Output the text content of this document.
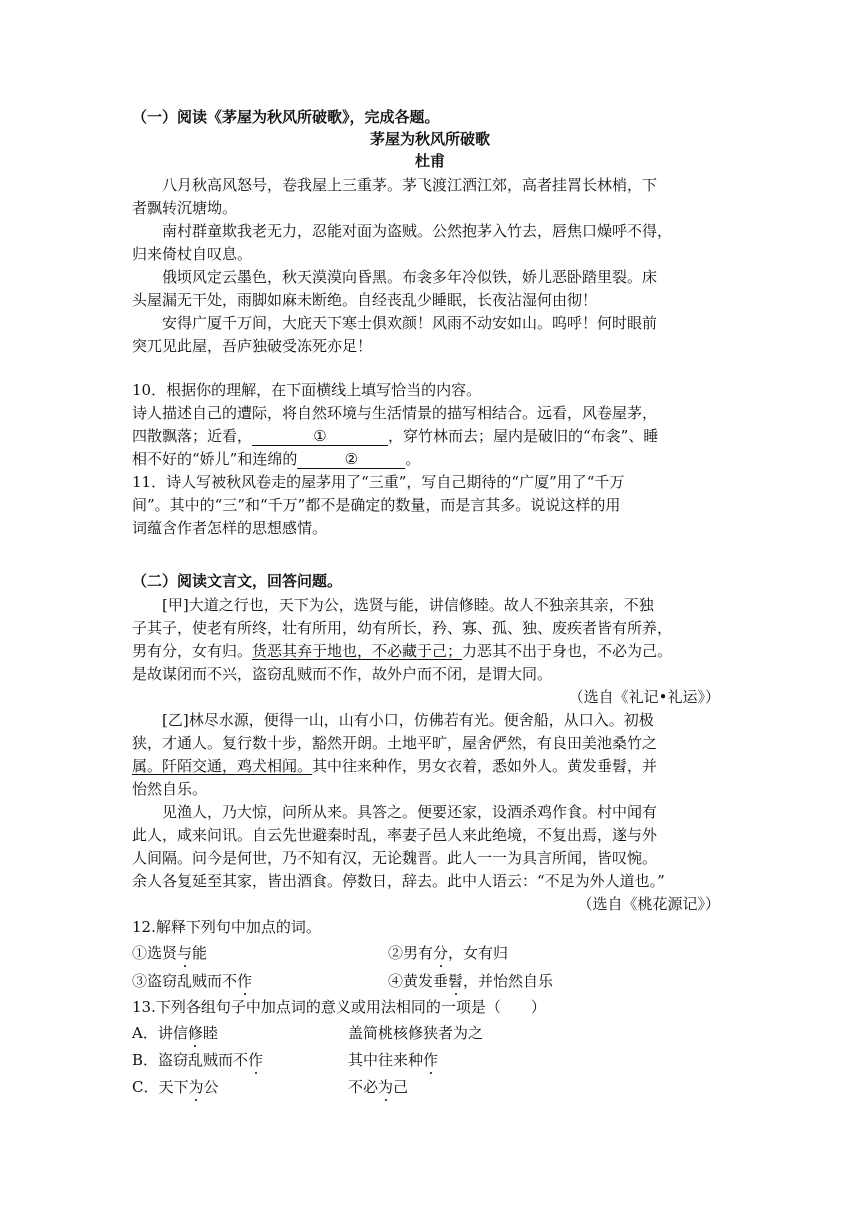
（一）阅读《茅屋为秋风所破歌》，完成各题。
茅屋为秋风所破歌
杜甫
八月秋高风怒号，卷我屋上三重茅。茅飞渡江洒江郊，高者挂罥长林梢，下
者飘转沉塘坳。
南村群童欺我老无力，忍能对面为盗贼。公然抱茅入竹去，唇焦口燥呼不得，
归来倚杖自叹息。
俄顷风定云墨色，秋天漠漠向昏黑。布衾多年冷似铁，娇儿恶卧踏里裂。床
头屋漏无干处，雨脚如麻未断绝。自经丧乱少睡眠，长夜沾湿何由彻！
安得广厦千万间，大庇天下寒士俱欢颜！风雨不动安如山。呜呼！何时眼前
突兀见此屋，吾庐独破受冻死亦足！
10．根据你的理解，在下面横线上填写恰当的内容。
诗人描述自己的遭际，将自然环境与生活情景的描写相结合。远看，风卷屋茅，
四散飘落；近看，	①	，穿竹林而去；屋内是破旧的“布衾”、睡
相不好的“娇儿”和连绵的	②	。
11．诗人写被秋风卷走的屋茅用了“三重”，写自己期待的“广厦”用了“千万
间”。其中的“三”和“千万”都不是确定的数量，而是言其多。说说这样的用
词蕴含作者怎样的思想感情。
（二）阅读文言文，回答问题。
[甲]大道之行也，天下为公，选贤与能，讲信修睦。故人不独亲其亲，不独
子其子，使老有所终，壮有所用，幼有所长，矜、寡、孤、独、废疾者皆有所养，
男有分，女有归。货恶其弃于地也，不必藏于己；力恶其不出于身也，不必为己。
是故谋闭而不兴，盗窃乱贼而不作，故外户而不闭，是谓大同。
（选自《礼记•礼运》）
[乙]林尽水源，便得一山，山有小口，仿佛若有光。便舍船，从口入。初极
狭，才通人。复行数十步，豁然开朗。土地平旷，屋舍俨然，有良田美池桑竹之
属。阡陌交通，鸡犬相闻。其中往来种作，男女衣着，悉如外人。黄发垂髫，并
怡然自乐。
见渔人，乃大惊，问所从来。具答之。便要还家，设酒杀鸡作食。村中闻有
此人，咸来问讯。自云先世避秦时乱，率妻子邑人来此绝境，不复出焉，遂与外
人间隔。问今是何世，乃不知有汉，无论魏晋。此人一一为具言所闻，皆叹惋。
余人各复延至其家，皆出酒食。停数日，辞去。此中人语云：“不足为外人道也。”
（选自《桃花源记》）
12.解释下列句中加点的词。
①选贤与能	②男有分，女有归
③盗窃乱贼而不作	④黄发垂髫，并怡然自乐
13.下列各组句子中加点词的意义或用法相同的一项是（　　）
A．讲信修睦	盖简桃核修狭者为之
B．盗窃乱贼而不作	其中往来种作
C．天下为公	不必为己
